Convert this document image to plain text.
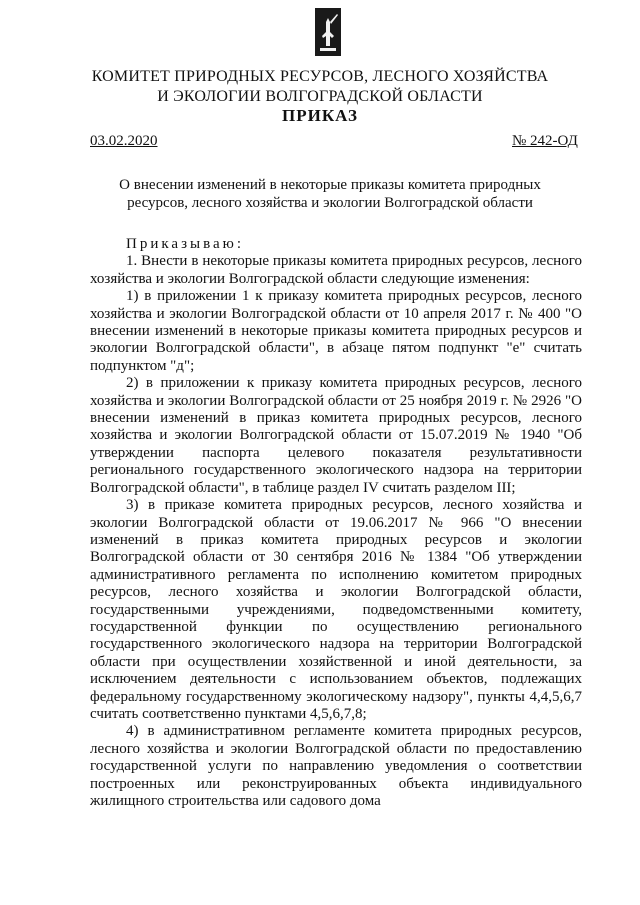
КОМИТЕТ ПРИРОДНЫХ РЕСУРСОВ, ЛЕСНОГО ХОЗЯЙСТВА
И ЭКОЛОГИИ ВОЛГОГРАДСКОЙ ОБЛАСТИ
ПРИКАЗ
03.02.2020	№ 242-ОД
О внесении изменений в некоторые приказы комитета природных ресурсов, лесного хозяйства и экологии Волгоградской области

Приказываю:

1. Внести в некоторые приказы комитета природных ресурсов, лесного хозяйства и экологии Волгоградской области следующие изменения:

1) в приложении 1 к приказу комитета природных ресурсов, лесного хозяйства и экологии Волгоградской области от 10 апреля 2017 г. № 400 "О внесении изменений в некоторые приказы комитета природных ресурсов и экологии Волгоградской области", в абзаце пятом подпункт "е" считать подпунктом "д";

2) в приложении к приказу комитета природных ресурсов, лесного хозяйства и экологии Волгоградской области от 25 ноября 2019 г. № 2926 "О внесении изменений в приказ комитета природных ресурсов, лесного хозяйства и экологии Волгоградской области от 15.07.2019 № 1940 "Об утверждении паспорта целевого показателя результативности регионального государственного экологического надзора на территории Волгоградской области", в таблице раздел IV считать разделом III;

3) в приказе комитета природных ресурсов, лесного хозяйства и экологии Волгоградской области от 19.06.2017 № 966 "О внесении изменений в приказ комитета природных ресурсов и экологии Волгоградской области от 30 сентября 2016 № 1384 "Об утверждении административного регламента по исполнению комитетом природных ресурсов, лесного хозяйства и экологии Волгоградской области, государственными учреждениями, подведомственными комитету, государственной функции по осуществлению регионального государственного экологического надзора на территории Волгоградской области при осуществлении хозяйственной и иной деятельности, за исключением деятельности с использованием объектов, подлежащих федеральному государственному экологическому надзору", пункты 4,4,5,6,7 считать соответственно пунктами 4,5,6,7,8;

4) в административном регламенте комитета природных ресурсов, лесного хозяйства и экологии Волгоградской области по предоставлению государственной услуги по направлению уведомления о соответствии построенных или реконструированных объекта индивидуального жилищного строительства или садового дома
